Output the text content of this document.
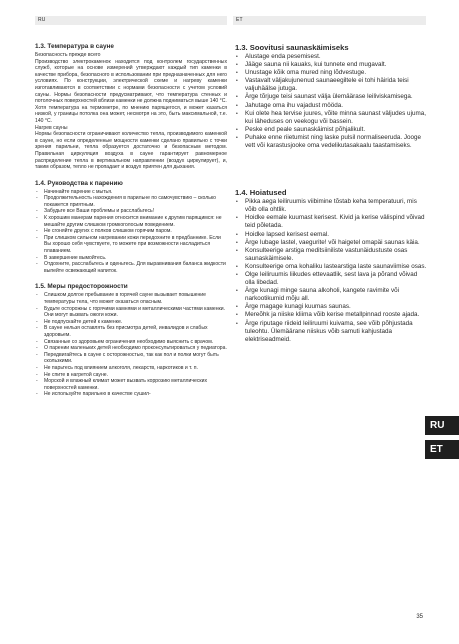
RU	ET
1.3. Температура в сауне

Безопасность прежде всего

Производство электрокаменок находится под контролем государственных служб, которые на основе измерений утверждают каждый тип каменки в качестве прибора, безопасного в использовании при предназначенных для него условиях. По конструкции, электрической схеме и нагреву каменки изготавливаются в соответствии с нормами безопасности с учетом условий сауны. Нормы безопасности предусматривают, что температура стенных и потолочных поверхностей вблизи каменки не должна подниматься выше 140 °C.

Хотя температура на термометре, по мнению парящегося, и может казаться низкой, у границы потолка она может, несмотря на это, быть максимальной, т.е. 140 °C.

Нагрев сауны

Нормы безопасности ограничивают количество тепла, производимого каменкой в сауне, но если определенные мощности каменки сделано правильно с точки зрения парильни, тепла образуется достаточно и безопасным методом. Правильная циркуляция воздуха в сауне гарантирует равномерное распределение тепла в вертикальном направлении (воздух циркулирует), и, таким образом, тепло не пропадает и воздух приятен для дыхания.

1.4. Руководства к парению
- Начинайте парение с мытья.
- Продолжительность нахождения в парильне по самочувствию – сколько покажется приятным.
- Забудьте все Ваши проблемы и расслабьтесь!
- К хорошим манерам парения относится внимание к другим парящимся: не мешайте другим слишком громкоголосым поведением.
- Не сгоняйте других с полков слишком горячим паром.
- При слишком сильном нагревании кожи передохните в предбаннике. Если Вы хорошо себя чувствуете, то можете при возможности насладиться плаванием.
- В завершение вымойтесь.
- Отдохните, расслабьтесь и оденьтесь. Для выравнивания баланса жидкости выпейте освежающий напиток.
1.5. Меры предосторожности
- Слишком долгое пребывание в горячей сауне вызывает повышение температуры тела, что может оказаться опасным.
- Будьте осторожны с горячими камнями и металлическими частями каменки. Они могут вызвать ожоги кожи.
- Не подпускайте детей к каменке.
- В сауне нельзя оставлять без присмотра детей, инвалидов и слабых здоровьем.
- Связанные со здоровьем ограничения необходимо выяснить с врачом.
- О парении маленьких детей необходимо проконсультироваться у педиатора.
- Передвигайтесь в сауне с осторожностью, так как пол и полки могут быть скользкими.
- Не парьтесь под влиянием алкоголя, лекарств, наркотиков и т. п.
- Не спите в нагретой сауне.
- Морской и влажный климат может вызвать коррозию металлических поверхностей каменки.
- Не используйте парильню в качестве сушил-
1.3. Soovitusi saunaskäimiseks
• Alustage enda pesemisest.
• Jääge sauna nii kauaks, kui tunnete end mugavalt.
• Unustage kõik oma mured ning lõdvestuge.
• Vastavalt väljakujunenud saunaeegiltele ei tohi häirida teisi valjuhäälse jutuga.
• Ärge tõrjuge teisi saunast välja ülemäärase leiliviskamisega.
• Jahutage oma ihu vajadust mööda.
• Kui olete hea tervise juures, võite minna saunast väljudes ujuma, kui läheduses on veekogu või bassein.
• Peske end peale saunaskäimist põhjalikult.
• Puhake enne riietumist ning laske pulsil normaliseeruda. Jooge vett või karastusjooke oma vedelikutasakaalu taastamiseks.
1.4. Hoiatused
• Pikka aega leiliruumis viibimine tõstab keha temperatuuri, mis võib olla ohtlik.
• Hoidke eemale kuumast kerisest. Kivid ja kerise välispind võivad teid põletada.
• Hoidke lapsed kerisest eemal.
• Ärge lubage lastel, vaegurite! või haigetel omapäi saunas käia.
• Konsulteerige arstiga meditsiiniliste vastunäidustuste osas saunaskäimisele.
• Konsulteerige oma kohaliku lastearstiga laste saunaviimise osas.
• Olge leiliruumis liikudes ettevaatlik, sest lava ja põrand võivad olla libedad.
• Ärge kunagi minge sauna alkoholi, kangete ravimite või narkootikumid mõju all.
• Ärge magage kunagi kuumas saunas.
• Mereõhk ja niiske kliima võib kerise metallpinnad rooste ajada.
• Ärge riputage riideid leiliruumi kuivama, see võib põhjustada tuleohtu. Ülemäärane niiskus võib samuti kahjustada elektriseadmeid.
RU
ET
35
